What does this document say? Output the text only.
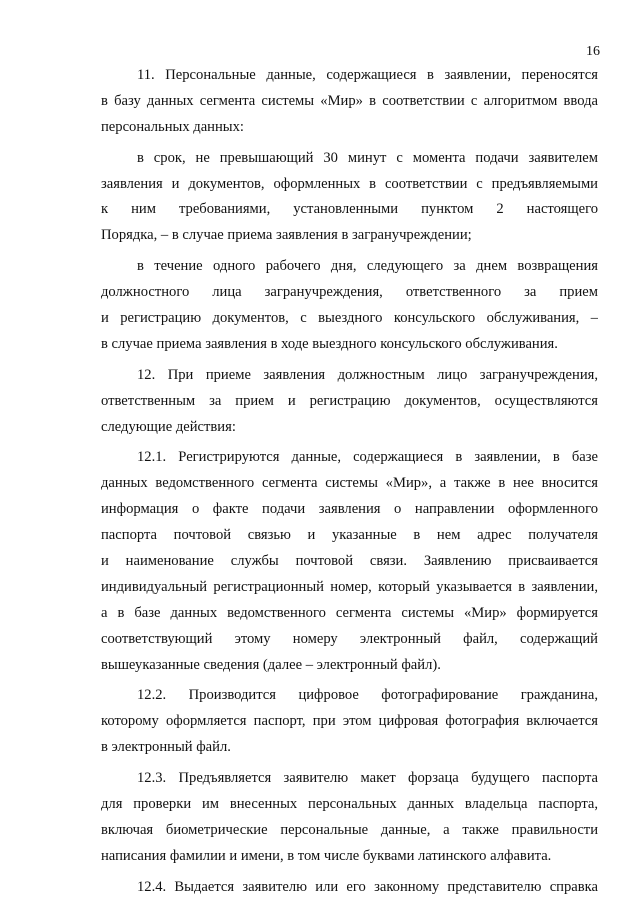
16
11. Персональные данные, содержащиеся в заявлении, переносятся
в базу данных сегмента системы «Мир» в соответствии с алгоритмом ввода
персональных данных:
в срок, не превышающий 30 минут с момента подачи заявителем
заявления и документов, оформленных в соответствии с предъявляемыми
к ним требованиями, установленными пунктом 2 настоящего
Порядка, – в случае приема заявления в загранучреждении;
в течение одного рабочего дня, следующего за днем возвращения
должностного лица загранучреждения, ответственного за прием
и регистрацию документов, с выездного консульского обслуживания, –
в случае приема заявления в ходе выездного консульского обслуживания.
12. При приеме заявления должностным лицо загранучреждения,
ответственным за прием и регистрацию документов, осуществляются
следующие действия:
12.1. Регистрируются данные, содержащиеся в заявлении, в базе
данных ведомственного сегмента системы «Мир», а также в нее вносится
информация о факте подачи заявления о направлении оформленного
паспорта почтовой связью и указанные в нем адрес получателя
и наименование службы почтовой связи. Заявлению присваивается
индивидуальный регистрационный номер, который указывается в заявлении,
а в базе данных ведомственного сегмента системы «Мир» формируется
соответствующий этому номеру электронный файл, содержащий
вышеуказанные сведения (далее – электронный файл).
12.2. Производится цифровое фотографирование гражданина,
которому оформляется паспорт, при этом цифровая фотография включается
в электронный файл.
12.3. Предъявляется заявителю макет форзаца будущего паспорта
для проверки им внесенных персональных данных владельца паспорта,
включая биометрические персональные данные, а также правильности
написания фамилии и имени, в том числе буквами латинского алфавита.
12.4. Выдается заявителю или его законному представителю справка
